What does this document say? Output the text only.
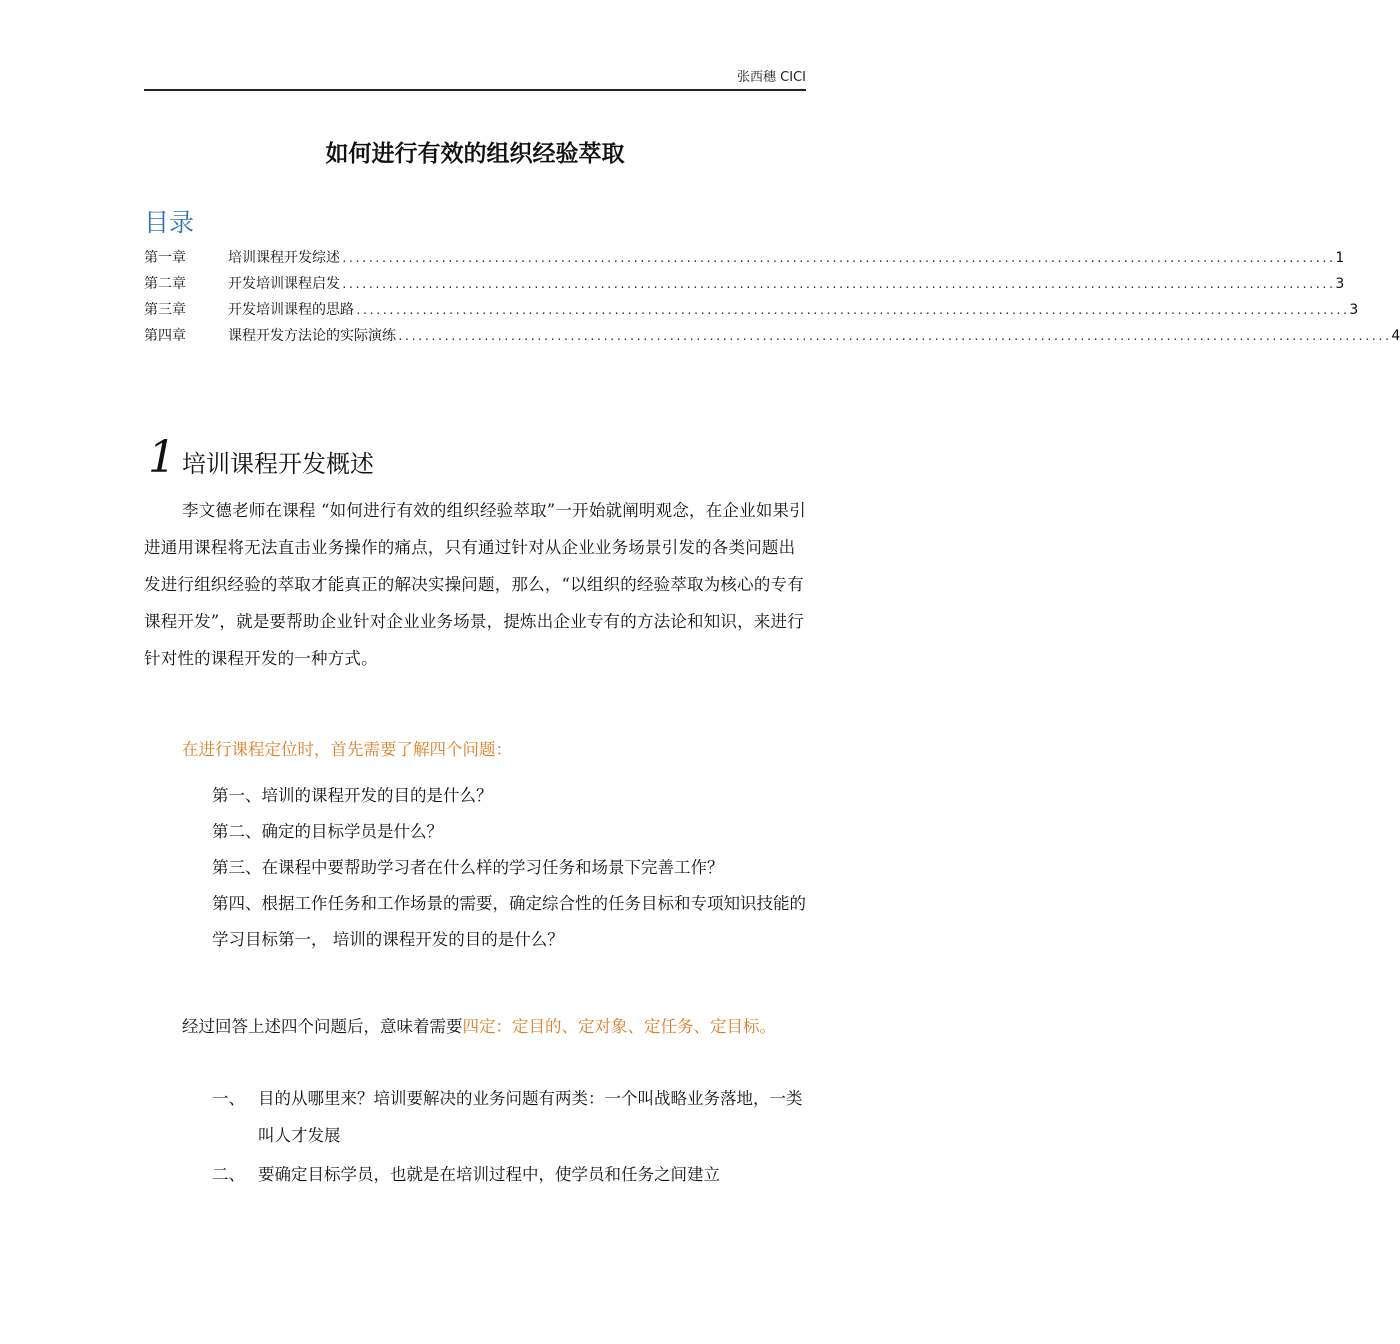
张西穗 CICI
如何进行有效的组织经验萃取
目录
第一章	培训课程开发综述 ...................................................................................................................................................... 1
第二章	开发培训课程启发 ...................................................................................................................................................... 3
第三章	开发培训课程的思路 ...................................................................................................................................................... 3
第四章	课程开发方法论的实际演练 ...................................................................................................................................................... 4
1 培训课程开发概述
李文德老师在课程 “如何进行有效的组织经验萃取”一开始就阐明观念，在企业如果引进通用课程将无法直击业务操作的痛点，只有通过针对从企业业务场景引发的各类问题出发进行组织经验的萃取才能真正的解决实操问题，那么，“以组织的经验萃取为核心的专有课程开发”，就是要帮助企业针对企业业务场景，提炼出企业专有的方法论和知识，来进行针对性的课程开发的一种方式。
在进行课程定位时，首先需要了解四个问题：
第一、培训的课程开发的目的是什么？
第二、确定的目标学员是什么？
第三、在课程中要帮助学习者在什么样的学习任务和场景下完善工作？
第四、根据工作任务和工作场景的需要，确定综合性的任务目标和专项知识技能的学习目标第一， 培训的课程开发的目的是什么？
经过回答上述四个问题后，意味着需要四定：定目的、定对象、定任务、定目标。
一、 目的从哪里来？培训要解决的业务问题有两类：一个叫战略业务落地，一类叫人才发展
二、 要确定目标学员，也就是在培训过程中，使学员和任务之间建立
